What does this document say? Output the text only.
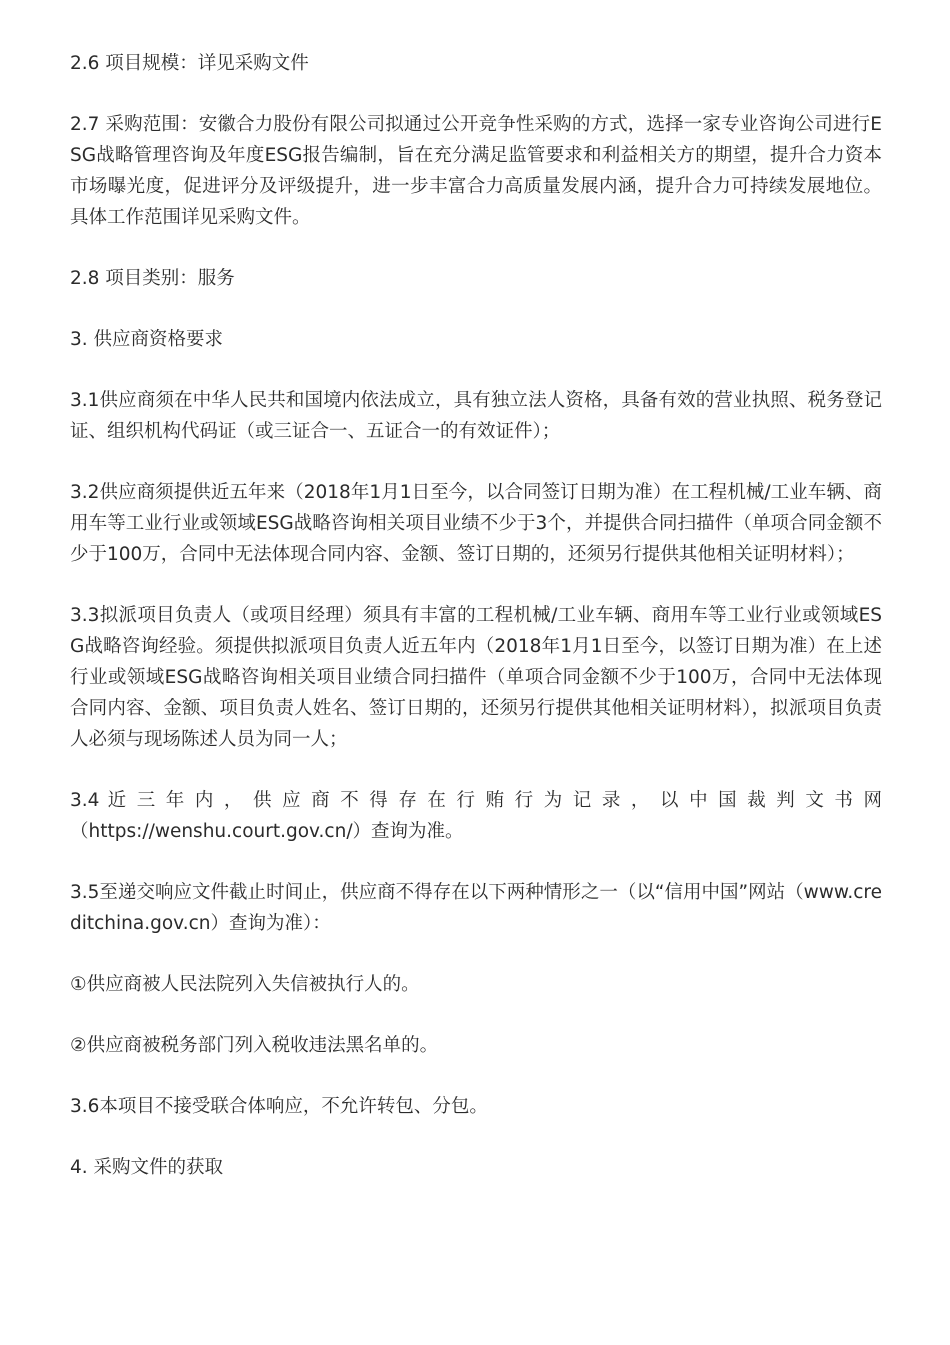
2.6 项目规模：详见采购文件

2.7 采购范围：安徽合力股份有限公司拟通过公开竞争性采购的方式，选择一家专业咨询公司进行ESG战略管理咨询及年度ESG报告编制，旨在充分满足监管要求和利益相关方的期望，提升合力资本市场曝光度，促进评分及评级提升，进一步丰富合力高质量发展内涵，提升合力可持续发展地位。具体工作范围详见采购文件。

2.8 项目类别：服务

3. 供应商资格要求

3.1供应商须在中华人民共和国境内依法成立，具有独立法人资格，具备有效的营业执照、税务登记证、组织机构代码证（或三证合一、五证合一的有效证件）；

3.2供应商须提供近五年来（2018年1月1日至今，以合同签订日期为准）在工程机械/工业车辆、商用车等工业行业或领域ESG战略咨询相关项目业绩不少于3个，并提供合同扫描件（单项合同金额不少于100万，合同中无法体现合同内容、金额、签订日期的，还须另行提供其他相关证明材料）；

3.3拟派项目负责人（或项目经理）须具有丰富的工程机械/工业车辆、商用车等工业行业或领域ESG战略咨询经验。须提供拟派项目负责人近五年内（2018年1月1日至今，以签订日期为准）在上述行业或领域ESG战略咨询相关项目业绩合同扫描件（单项合同金额不少于100万，合同中无法体现合同内容、金额、项目负责人姓名、签订日期的，还须另行提供其他相关证明材料），拟派项目负责人必须与现场陈述人员为同一人；

3.4 近 三 年 内 ， 供 应 商 不 得 存 在 行 贿 行 为 记 录 ， 以 中 国 裁 判 文 书 网

（https://wenshu.court.gov.cn/）查询为准。

3.5至递交响应文件截止时间止，供应商不得存在以下两种情形之一（以“信用中国”网站（www.creditchina.gov.cn）查询为准）：

①供应商被人民法院列入失信被执行人的。

②供应商被税务部门列入税收违法黑名单的。

3.6本项目不接受联合体响应，不允许转包、分包。

4. 采购文件的获取
